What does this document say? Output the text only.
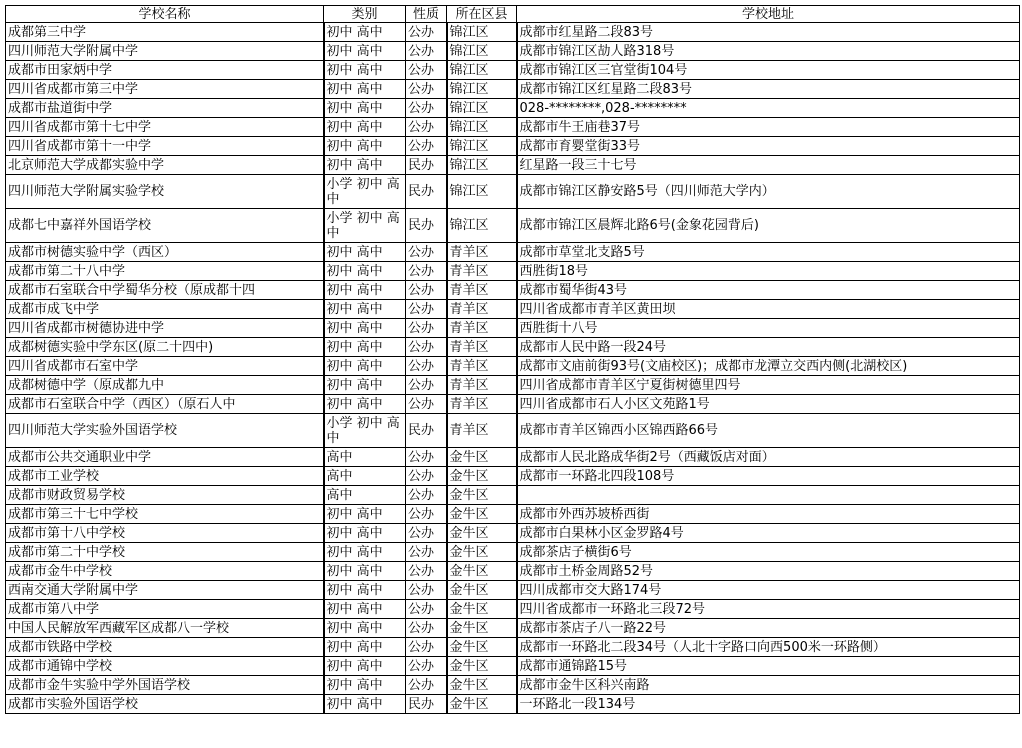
学校名称	类别	性质	所在区县	学校地址
成都第三中学	初中 高中	公办	锦江区	成都市红星路二段83号
四川师范大学附属中学	初中 高中	公办	锦江区	成都市锦江区劼人路318号
成都市田家炳中学	初中 高中	公办	锦江区	成都市锦江区三官堂街104号
四川省成都市第三中学	初中 高中	公办	锦江区	成都市锦江区红星路二段83号
成都市盐道街中学	初中 高中	公办	锦江区	028-********,028-********
四川省成都市第十七中学	初中 高中	公办	锦江区	成都市牛王庙巷37号
四川省成都市第十一中学	初中 高中	公办	锦江区	成都市育婴堂街33号
北京师范大学成都实验中学	初中 高中	民办	锦江区	红星路一段三十七号
四川师范大学附属实验学校	小学 初中 高中	民办	锦江区	成都市锦江区静安路5号（四川师范大学内）
成都七中嘉祥外国语学校	小学 初中 高中	民办	锦江区	成都市锦江区晨辉北路6号(金象花园背后)
成都市树德实验中学（西区）	初中 高中	公办	青羊区	成都市草堂北支路5号
成都市第二十八中学	初中 高中	公办	青羊区	西胜街18号
成都市石室联合中学蜀华分校（原成都十四	初中 高中	公办	青羊区	成都市蜀华街43号
成都市成飞中学	初中 高中	公办	青羊区	四川省成都市青羊区黄田坝
四川省成都市树德协进中学	初中 高中	公办	青羊区	西胜街十八号
成都树德实验中学东区(原二十四中)	初中 高中	公办	青羊区	成都市人民中路一段24号
四川省成都市石室中学	初中 高中	公办	青羊区	成都市文庙前街93号(文庙校区)；成都市龙潭立交西内侧(北湖校区)
成都树德中学（原成都九中	初中 高中	公办	青羊区	四川省成都市青羊区宁夏街树德里四号
成都市石室联合中学（西区）（原石人中	初中 高中	公办	青羊区	四川省成都市石人小区文苑路1号
四川师范大学实验外国语学校	小学 初中 高中	民办	青羊区	成都市青羊区锦西小区锦西路66号
成都市公共交通职业中学	高中	公办	金牛区	成都市人民北路成华街2号（西藏饭店对面）
成都市工业学校	高中	公办	金牛区	成都市一环路北四段108号
成都市财政贸易学校	高中	公办	金牛区	
成都市第三十七中学校	初中 高中	公办	金牛区	成都市外西苏坡桥西街
成都市第十八中学校	初中 高中	公办	金牛区	成都市白果林小区金罗路4号
成都市第二十中学校	初中 高中	公办	金牛区	成都茶店子横街6号
成都市金牛中学校	初中 高中	公办	金牛区	成都市土桥金周路52号
西南交通大学附属中学	初中 高中	公办	金牛区	四川成都市交大路174号
成都市第八中学	初中 高中	公办	金牛区	四川省成都市一环路北三段72号
中国人民解放军西藏军区成都八一学校	初中 高中	公办	金牛区	成都市茶店子八一路22号
成都市铁路中学校	初中 高中	公办	金牛区	成都市一环路北二段34号（人北十字路口向西500米一环路侧）
成都市通锦中学校	初中 高中	公办	金牛区	成都市通锦路15号
成都市金牛实验中学外国语学校	初中 高中	公办	金牛区	成都市金牛区科兴南路
成都市实验外国语学校	初中 高中	民办	金牛区	一环路北一段134号
